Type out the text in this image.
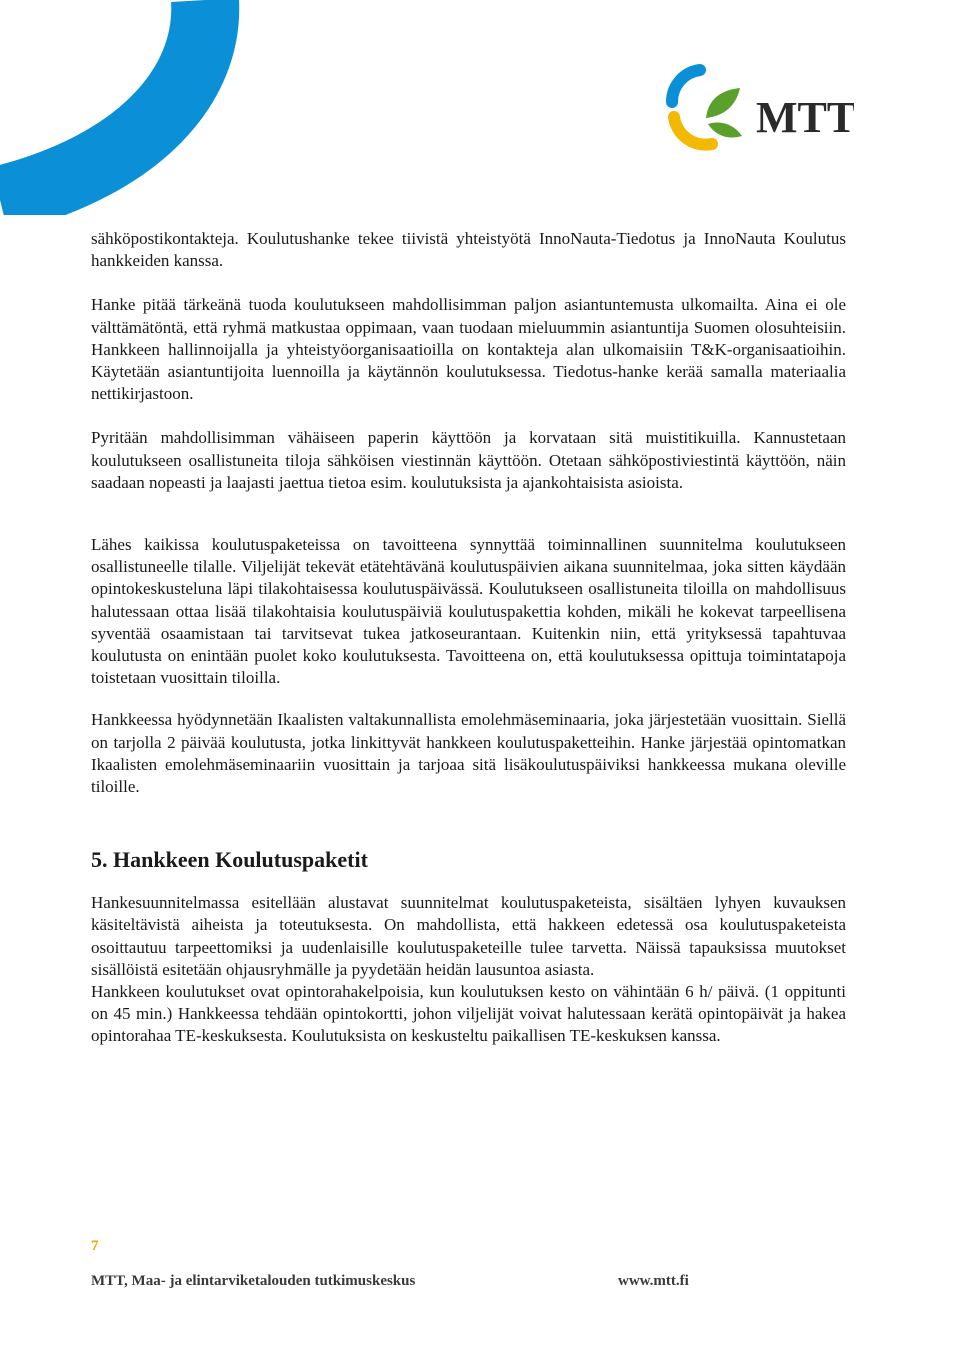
MTT

sähköpostikontakteja. Koulutushanke tekee tiivistä yhteistyötä InnoNauta-Tiedotus ja InnoNauta Koulutus hankkeiden kanssa.

Hanke pitää tärkeänä tuoda koulutukseen mahdollisimman paljon asiantuntemusta ulkomailta. Aina ei ole välttämätöntä, että ryhmä matkustaa oppimaan, vaan tuodaan mieluummin asiantuntija Suomen olosuhteisiin. Hankkeen hallinnoijalla ja yhteistyöorganisaatioilla on kontakteja alan ulkomaisiin T&K-organisaatioihin. Käytetään asiantuntijoita luennoilla ja käytännön koulutuksessa. Tiedotus-hanke kerää samalla materiaalia nettikirjastoon.

Pyritään mahdollisimman vähäiseen paperin käyttöön ja korvataan sitä muistitikuilla. Kannustetaan koulutukseen osallistuneita tiloja sähköisen viestinnän käyttöön. Otetaan sähköpostiviestintä käyttöön, näin saadaan nopeasti ja laajasti jaettua tietoa esim. koulutuksista ja ajankohtaisista asioista.

Lähes kaikissa koulutuspaketeissa on tavoitteena synnyttää toiminnallinen suunnitelma koulutukseen osallistuneelle tilalle. Viljelijät tekevät etätehtävänä koulutuspäivien aikana suunnitelmaa, joka sitten käydään opintokeskusteluna läpi tilakohtaisessa koulutuspäivässä. Koulutukseen osallistuneita tiloilla on mahdollisuus halutessaan ottaa lisää tilakohtaisia koulutuspäiviä koulutuspakettia kohden, mikäli he kokevat tarpeellisena syventää osaamistaan tai tarvitsevat tukea jatkoseurantaan. Kuitenkin niin, että yrityksessä tapahtuvaa koulutusta on enintään puolet koko koulutuksesta. Tavoitteena on, että koulutuksessa opittuja toimintatapoja toistetaan vuosittain tiloilla.

Hankkeessa hyödynnetään Ikaalisten valtakunnallista emolehmäseminaaria, joka järjestetään vuosittain. Siellä on tarjolla 2 päivää koulutusta, jotka linkittyvät hankkeen koulutuspaketteihin. Hanke järjestää opintomatkan Ikaalisten emolehmäseminaariin vuosittain ja tarjoaa sitä lisäkoulutuspäiviksi hankkeessa mukana oleville tiloille.

5. Hankkeen Koulutuspaketit

Hankesuunnitelmassa esitellään alustavat suunnitelmat koulutuspaketeista, sisältäen lyhyen kuvauksen käsiteltävistä aiheista ja toteutuksesta. On mahdollista, että hakkeen edetessä osa koulutuspaketeista osoittautuu tarpeettomiksi ja uudenlaisille koulutuspaketeille tulee tarvetta. Näissä tapauksissa muutokset sisällöistä esitetään ohjausryhmälle ja pyydetään heidän lausuntoa asiasta.

Hankkeen koulutukset ovat opintorahakelpoisia, kun koulutuksen kesto on vähintään 6 h/ päivä. (1 oppitunti on 45 min.) Hankkeessa tehdään opintokortti, johon viljelijät voivat halutessaan kerätä opintopäivät ja hakea opintorahaa TE-keskuksesta. Koulutuksista on keskusteltu paikallisen TE-keskuksen kanssa.

7
MTT, Maa- ja elintarviketalouden tutkimuskeskus	www.mtt.fi
